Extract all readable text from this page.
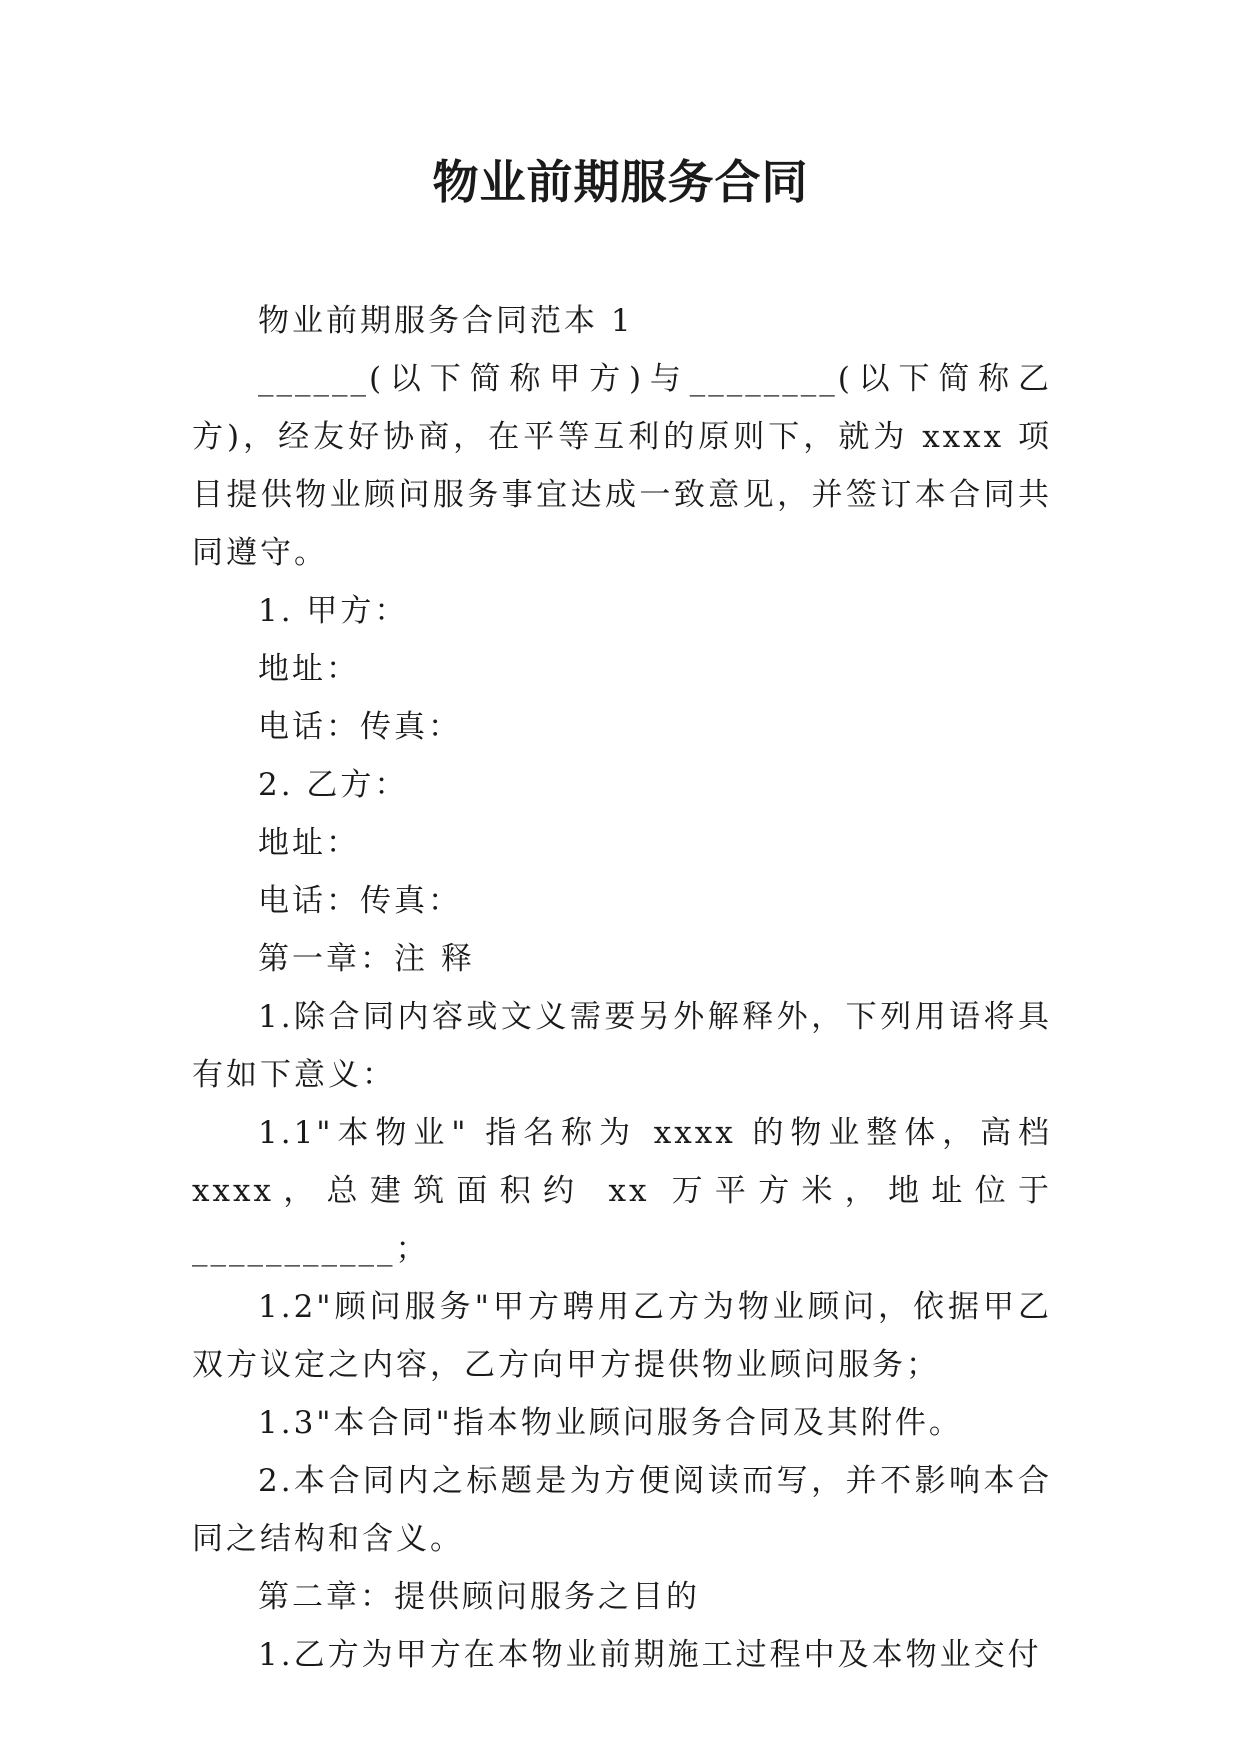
物业前期服务合同

物业前期服务合同范本 1

______(以下简称甲方)与________(以下简称乙方)，经友好协商，在平等互利的原则下，就为 xxxx 项目提供物业顾问服务事宜达成一致意见，并签订本合同共同遵守。

1. 甲方：

地址：

电话：传真：

2. 乙方：

地址：

电话：传真：

第一章：注 释

1.除合同内容或文义需要另外解释外，下列用语将具有如下意义：

1.1"本物业" 指名称为 xxxx 的物业整体，高档 xxxx，总建筑面积约 xx 万平方米，地址位于___________；

1.2"顾问服务"甲方聘用乙方为物业顾问，依据甲乙双方议定之内容，乙方向甲方提供物业顾问服务；

1.3"本合同"指本物业顾问服务合同及其附件。

2.本合同内之标题是为方便阅读而写，并不影响本合同之结构和含义。

第二章：提供顾问服务之目的

1.乙方为甲方在本物业前期施工过程中及本物业交付
